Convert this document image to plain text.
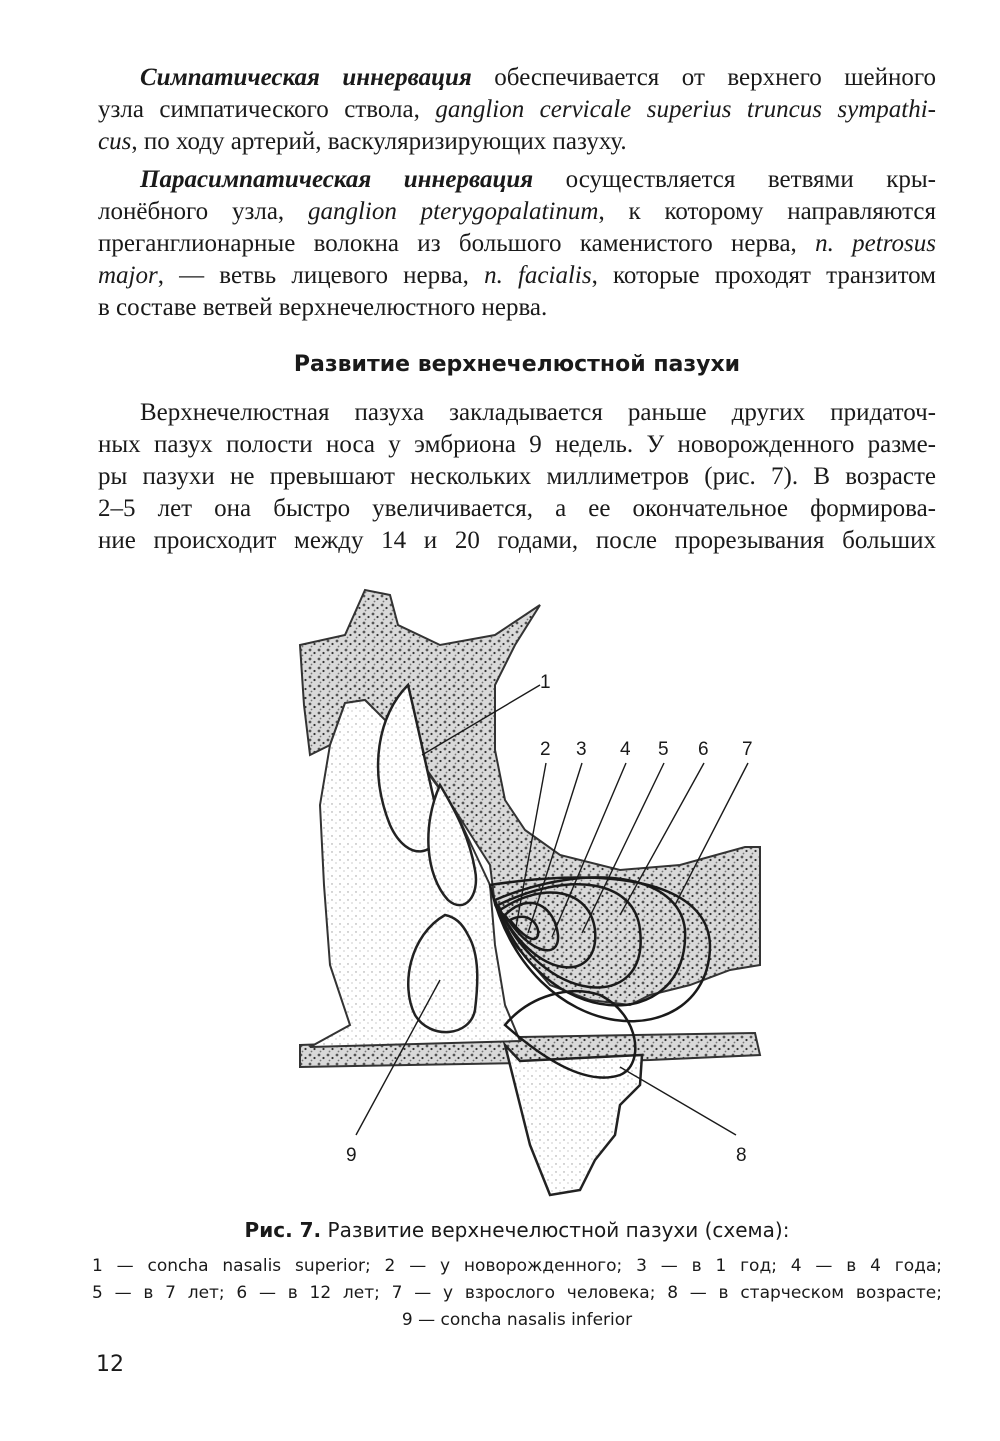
Симпатическая иннервация обеспечивается от верхнего шейного
узла симпатического ствола, ganglion cervicale superius truncus sympathi-
cus, по ходу артерий, васкуляризирующих пазуху.
Парасимпатическая иннервация осуществляется ветвями кры-
лонёбного узла, ganglion pterygopalatinum, к которому направляются
преганглионарные волокна из большого каменистого нерва, n. petrosus
major, — ветвь лицевого нерва, n. facialis, которые проходят транзитом
в составе ветвей верхнечелюстного нерва.
Развитие верхнечелюстной пазухи
Верхнечелюстная пазуха закладывается раньше других придаточ-
ных пазух полости носа у эмбриона 9 недель. У новорожденного разме-
ры пазухи не превышают нескольких миллиметров (рис. 7). В возрасте
2–5 лет она быстро увеличивается, а ее окончательное формирова-
ние происходит между 14 и 20 годами, после прорезывания больших
1
2 3 4 5 6 7
8
9
Рис. 7. Развитие верхнечелюстной пазухи (схема):
1 — concha nasalis superior; 2 — у новорожденного; 3 — в 1 год; 4 — в 4 года;
5 — в 7 лет; 6 — в 12 лет; 7 — у взрослого человека; 8 — в старческом возрасте;
9 — concha nasalis inferior
12
